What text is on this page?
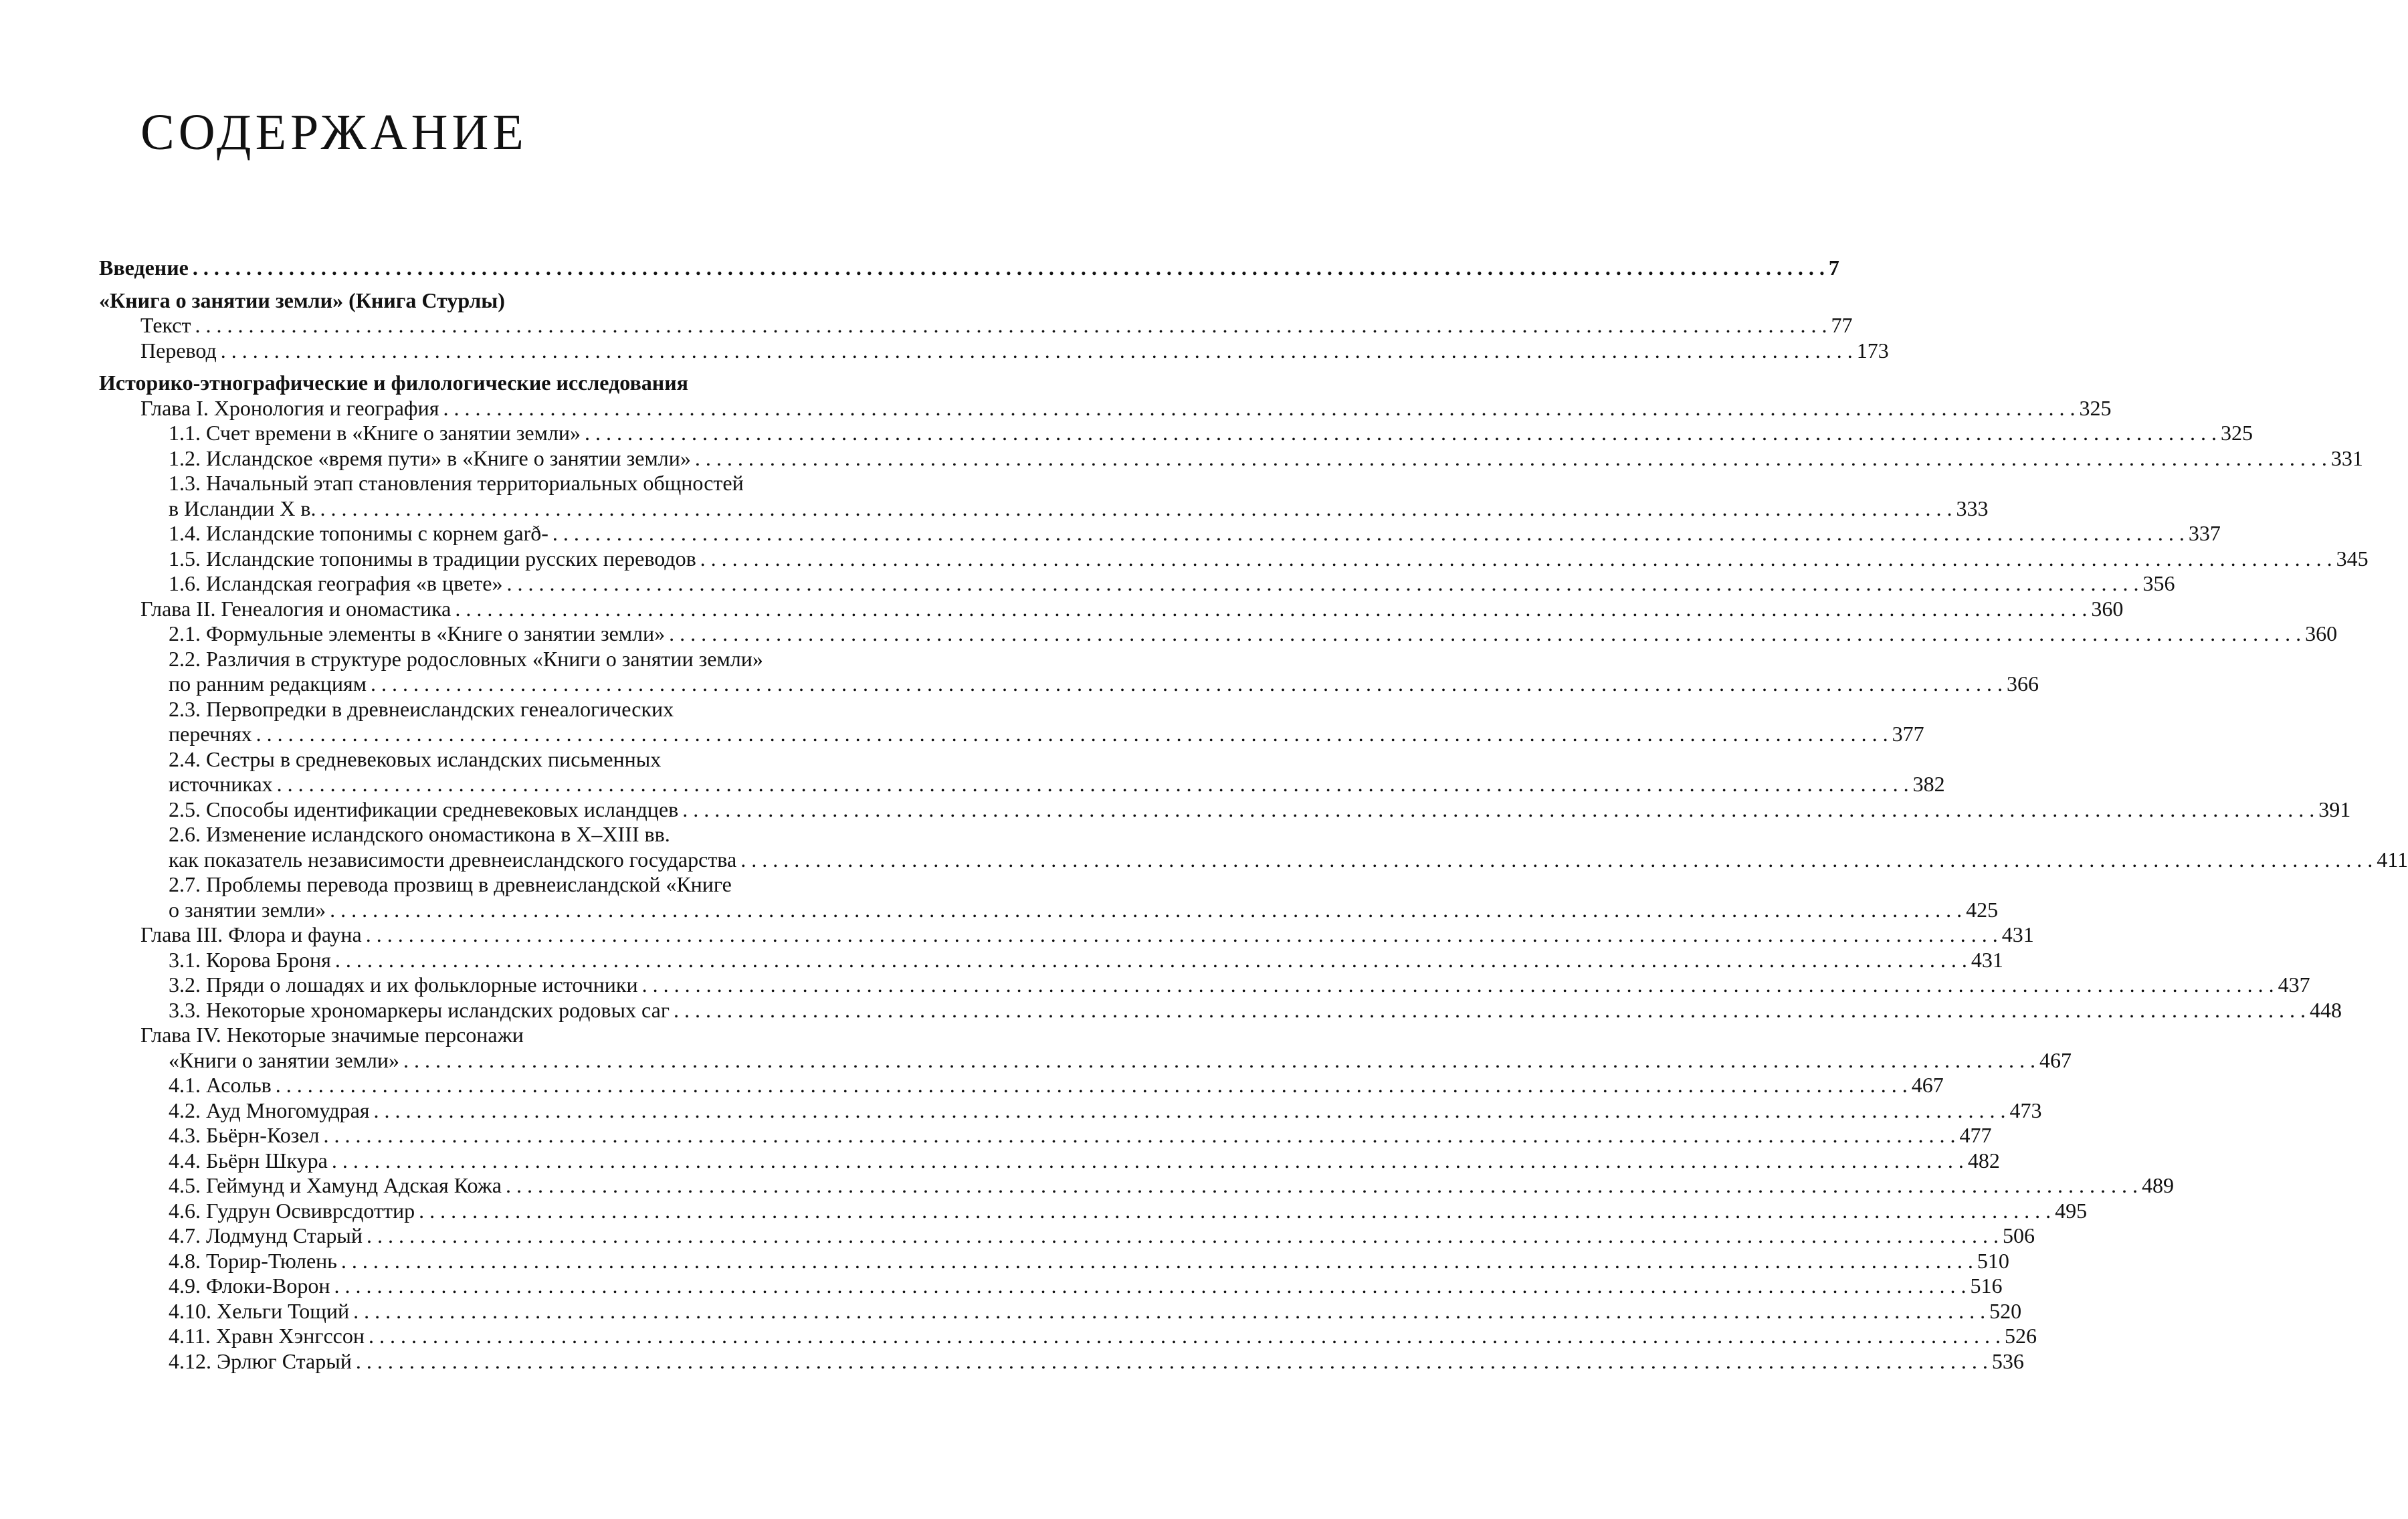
СОДЕРЖАНИЕ
Введение . . .	7
«Книга о занятии земли» (Книга Стурлы)
Текст . . .	77
Перевод . . .	173
Историко-этнографические и филологические исследования
Глава I. Хронология и география . . .	325
1.1. Счет времени в «Книге о занятии земли» . . .	325
1.2. Исландское «время пути» в «Книге о занятии земли» . . .	331
1.3. Начальный этап становления территориальных общностей
в Исландии X в. . . .	333
1.4. Исландские топонимы с корнем garð- . . .	337
1.5. Исландские топонимы в традиции русских переводов . . .	345
1.6. Исландская география «в цвете» . . .	356
Глава II. Генеалогия и ономастика . . .	360
2.1. Формульные элементы в «Книге о занятии земли» . . .	360
2.2. Различия в структуре родословных «Книги о занятии земли»
по ранним редакциям . . .	366
2.3. Первопредки в древнеисландских генеалогических
перечнях . . .	377
2.4. Сестры в средневековых исландских письменных
источниках . . .	382
2.5. Способы идентификации средневековых исландцев . . .	391
2.6. Изменение исландского ономастикона в X–XIII вв.
как показатель независимости древнеисландского государства . . .	411
2.7. Проблемы перевода прозвищ в древнеисландской «Книге
о занятии земли» . . .	425
Глава III. Флора и фауна . . .	431
3.1. Корова Броня . . .	431
3.2. Пряди о лошадях и их фольклорные источники . . .	437
3.3. Некоторые хрономаркеры исландских родовых саг . . .	448
Глава IV. Некоторые значимые персонажи
«Книги о занятии земли» . . .	467
4.1. Асольв . . .	467
4.2. Ауд Многомудрая . . .	473
4.3. Бьёрн-Козел . . .	477
4.4. Бьёрн Шкура . . .	482
4.5. Геймунд и Хамунд Адская Кожа . . .	489
4.6. Гудрун Освиврсдоттир . . .	495
4.7. Лодмунд Старый . . .	506
4.8. Торир-Тюлень . . .	510
4.9. Флоки-Ворон . . .	516
4.10. Хельги Тощий . . .	520
4.11. Хравн Хэнгссон . . .	526
4.12. Эрлюг Старый . . .	536
